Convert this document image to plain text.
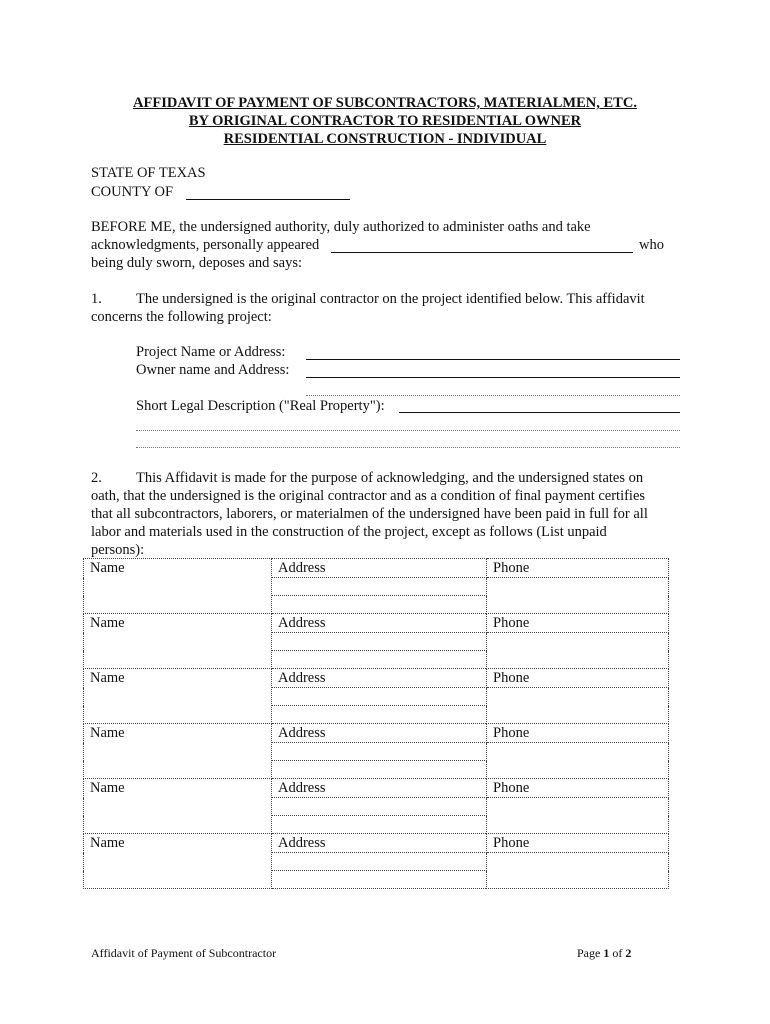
AFFIDAVIT OF PAYMENT OF SUBCONTRACTORS, MATERIALMEN, ETC.
BY ORIGINAL CONTRACTOR TO RESIDENTIAL OWNER
RESIDENTIAL CONSTRUCTION - INDIVIDUAL
STATE OF TEXAS
COUNTY OF
BEFORE ME, the undersigned authority, duly authorized to administer oaths and take
acknowledgments, personally appeared	who
being duly sworn, deposes and says:
1. The undersigned is the original contractor on the project identified below. This affidavit
concerns the following project:
Project Name or Address:
Owner name and Address:
Short Legal Description ("Real Property"):
2. This Affidavit is made for the purpose of acknowledging, and the undersigned states on
oath, that the undersigned is the original contractor and as a condition of final payment certifies
that all subcontractors, laborers, or materialmen of the undersigned have been paid in full for all
labor and materials used in the construction of the project, except as follows (List unpaid
persons):
Name	Address	Phone

Name	Address	Phone

Name	Address	Phone

Name	Address	Phone

Name	Address	Phone

Name	Address	Phone

Affidavit of Payment of Subcontractor	Page 1 of 2
